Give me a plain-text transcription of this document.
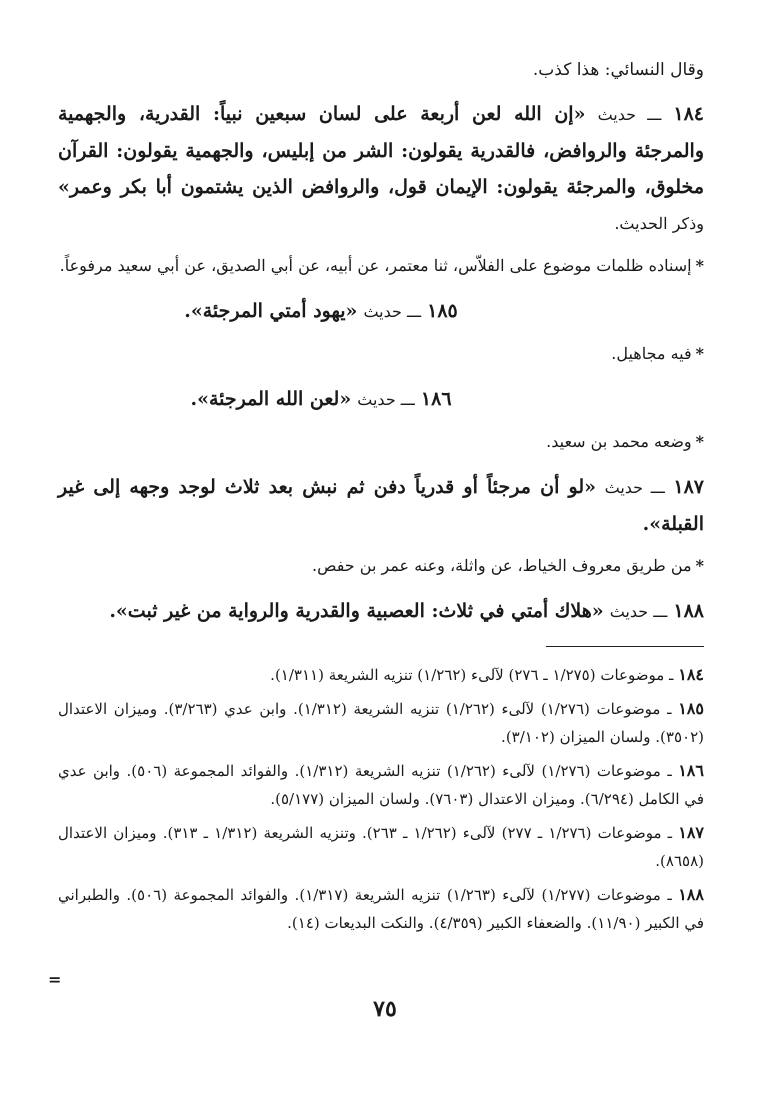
وقال النسائي: هذا كذب.

١٨٤ ـــ حديث «إن الله لعن أربعة على لسان سبعين نبياً: القدرية، والجهمية والمرجئة والروافض، فالقدرية يقولون: الشر من إبليس، والجهمية يقولون: القرآن مخلوق، والمرجئة يقولون: الإيمان قول، والروافض الذين يشتمون أبا بكر وعمر» وذكر الحديث.

*إسناده ظلمات موضوع على الفلاّس، ثنا معتمر، عن أبيه، عن أبي الصديق، عن أبي سعيد مرفوعاً.

١٨٥ ـــ حديث «يهود أمتي المرجئة».

*فيه مجاهيل.

١٨٦ ـــ حديث «لعن الله المرجئة».

*وضعه محمد بن سعيد.

١٨٧ ـــ حديث «لو أن مرجئاً أو قدرياً دفن ثم نبش بعد ثلاث لوجد وجهه إلى غير القبلة».

*من طريق معروف الخياط، عن واثلة، وعنه عمر بن حفص.

١٨٨ ـــ حديث «هلاك أمتي في ثلاث: العصبية والقدرية والرواية من غير ثبت».

١٨٤ ـ موضوعات (١/٢٧٥ ـ ٢٧٦) لآلىء (١/٢٦٢) تنزيه الشريعة (١/٣١١).

١٨٥ ـ موضوعات (١/٢٧٦) لآلىء (١/٢٦٢) تنزيه الشريعة (١/٣١٢). وابن عدي (٣/٢٦٣). وميزان الاعتدال (٣٥٠٢). ولسان الميزان (٣/١٠٢).

١٨٦ ـ موضوعات (١/٢٧٦) لآلىء (١/٢٦٢) تنزيه الشريعة (١/٣١٢). والفوائد المجموعة (٥٠٦). وابن عدي في الكامل (٦/٢٩٤). وميزان الاعتدال (٧٦٠٣). ولسان الميزان (٥/١٧٧).

١٨٧ ـ موضوعات (١/٢٧٦ ـ ٢٧٧) لآلىء (١/٢٦٢ ـ ٢٦٣). وتنزيه الشريعة (١/٣١٢ ـ ٣١٣). وميزان الاعتدال (٨٦٥٨).

١٨٨ ـ موضوعات (١/٢٧٧) لآلىء (١/٢٦٣) تنزيه الشريعة (١/٣١٧). والفوائد المجموعة (٥٠٦). والطبراني في الكبير (١١/٩٠). والضعفاء الكبير (٤/٣٥٩). والنكت البديعات (١٤).

=
٧٥
